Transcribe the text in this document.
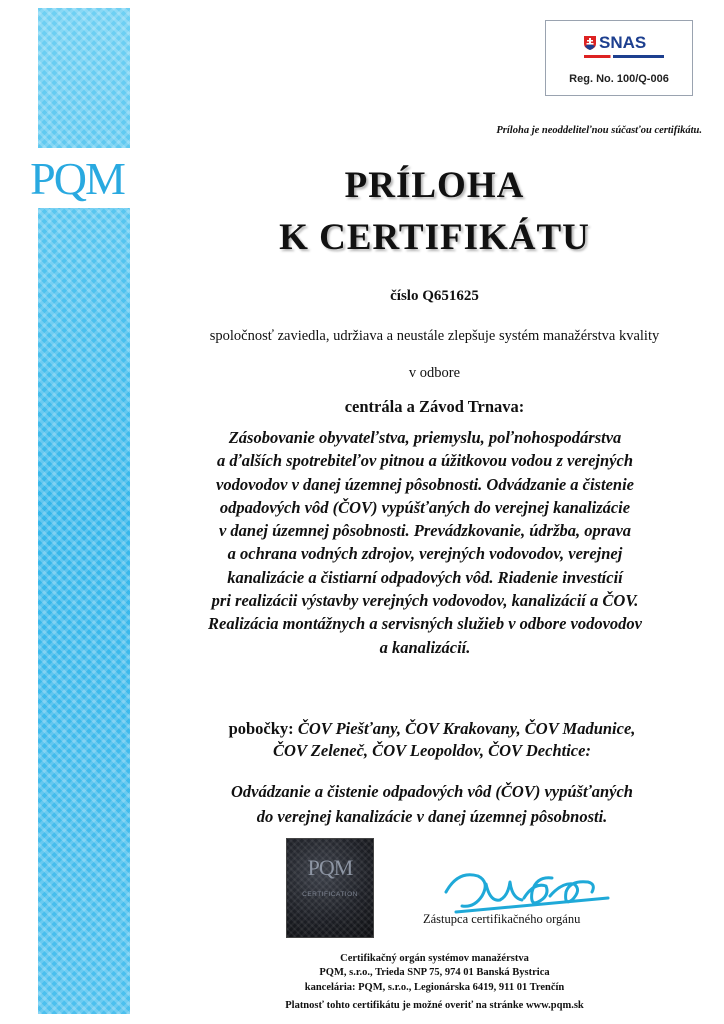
PQM
SNAS
Reg. No. 100/Q-006
Príloha je neoddeliteľnou súčasťou certifikátu.
PRÍLOHA
K CERTIFIKÁTU
číslo Q651625
spoločnosť zaviedla, udržiava a neustále zlepšuje systém manažérstva kvality
v odbore
centrála a Závod Trnava:
Zásobovanie obyvateľstva, priemyslu, poľnohospodárstva
a ďalších spotrebiteľov pitnou a úžitkovou vodou z verejných
vodovodov v danej územnej pôsobnosti. Odvádzanie a čistenie
odpadových vôd (ČOV) vypúšťaných do verejnej kanalizácie
v danej územnej pôsobnosti. Prevádzkovanie, údržba, oprava
a ochrana vodných zdrojov, verejných vodovodov, verejnej
kanalizácie a čistiarní odpadových vôd. Riadenie investícií
pri realizácii výstavby verejných vodovodov, kanalizácií a ČOV.
Realizácia montážnych a servisných služieb v odbore vodovodov
a kanalizácií.
pobočky: ČOV Piešťany, ČOV Krakovany, ČOV Madunice,
ČOV Zeleneč, ČOV Leopoldov, ČOV Dechtice:
Odvádzanie a čistenie odpadových vôd (ČOV) vypúšťaných
do verejnej kanalizácie v danej územnej pôsobnosti.
PQM
CERTIFICATION
Zástupca certifikačného orgánu
Certifikačný orgán systémov manažérstva
PQM, s.r.o., Trieda SNP 75, 974 01 Banská Bystrica
kancelária: PQM, s.r.o., Legionárska 6419, 911 01 Trenčín
Platnosť tohto certifikátu je možné overiť na stránke www.pqm.sk
